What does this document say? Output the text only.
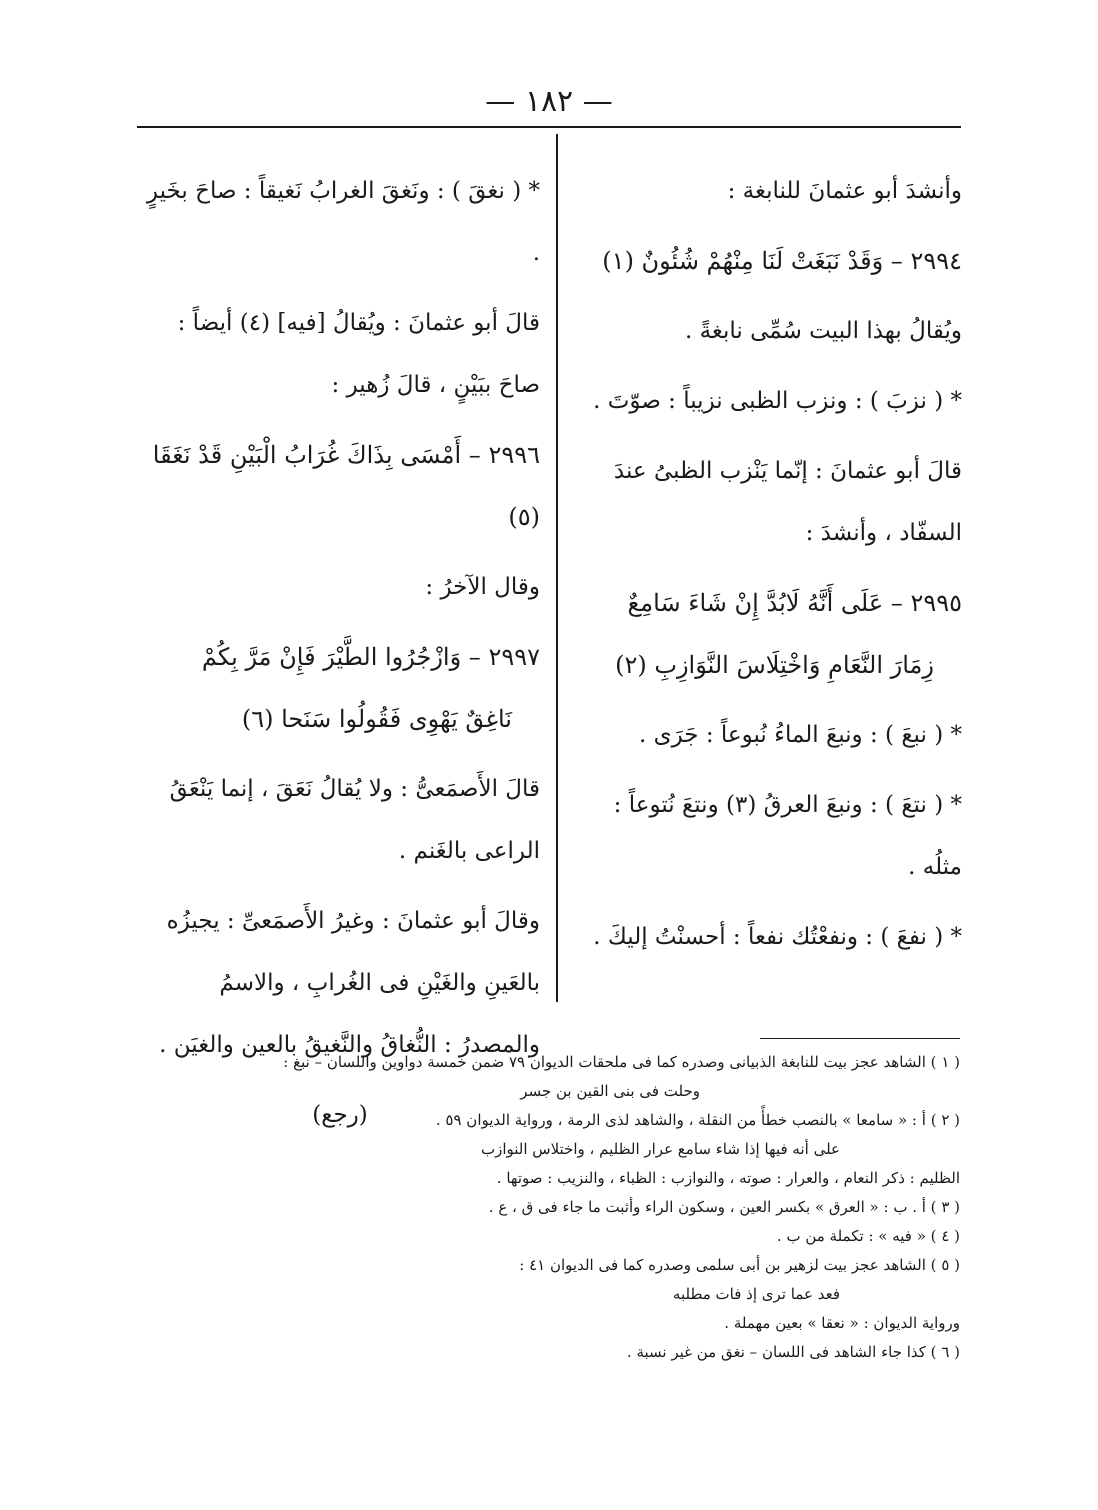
— ١٨٢ —

وأنشدَ أبو عثمانَ للنابغة :

٢٩٩٤ – وَقَدْ نَبَغَتْ لَنَا مِنْهُمْ شُئُونٌ (١)

ويُقالُ بهذا البيت سُمِّى نابغةً .

* ( نزبَ ) : ونزب الظبى نزيباً : صوّتَ .

قالَ أبو عثمانَ : إنّما يَنْزب الظبىُ عندَ السفّاد ، وأنشدَ :

٢٩٩٥ – عَلَى أَنَّهُ لَابُدَّ إِنْ شَاءَ سَامِعٌ

زِمَارَ النَّعَامِ وَاخْتِلَاسَ النَّوَازِبِ (٢)

* ( نبعَ ) : ونبعَ الماءُ نُبوعاً : جَرَى .

* ( نتعَ ) : ونبعَ العرقُ (٣) ونتعَ نُتوعاً : مثلُه .

* ( نفعَ ) : ونفعْتُك نفعاً : أحسنْتُ إليكَ .

* ( نغقَ ) : ونَغقَ الغرابُ نَغيقاً : صاحَ بخَيرٍ .

قالَ أبو عثمانَ : ويُقالُ [فيه] (٤) أيضاً : صاحَ ببَيْنٍ ، قالَ زُهير :

٢٩٩٦ – أَمْسَى بِذَاكَ غُرَابُ الْبَيْنِ قَدْ نَغَقَا (٥)

وقال الآخرُ :

٢٩٩٧ – وَازْجُرُوا الطَّيْرَ فَإِنْ مَرَّ بِكُمْ

نَاغِقٌ يَهْوِى فَقُولُوا سَنَحا (٦)

قالَ الأَصمَعىُّ : ولا يُقالُ نَعَقَ ، إنما يَنْعَقُ الراعى بالغَنم .

وقالَ أبو عثمانَ : وغيرُ الأَصمَعىِّ : يجيزُه بالعَينِ والغَيْنِ فى الغُرابِ ، والاسمُ والمصدرُ : النُّغاقُ والنَّغيقُ بالعين والغيَن .

(رجع)

( ١ ) الشاهد عجز بيت للنابغة الذبيانى وصدره كما فى ملحقات الديوان ٧٩ ضمن خمسة دواوين واللسان – نبغ :

وحلت فى بنى القين بن جسر

( ٢ ) أ : « سامعا » بالنصب خطأً من النقلة ، والشاهد لذى الرمة ، ورواية الديوان ٥٩ .

على أنه فيها إذا شاء سامع عرار الظليم ، واختلاس النوازب

الظليم : ذكر النعام ، والعرار : صوته ، والنوازب : الظباء ، والنزيب : صوتها .

( ٣ ) أ . ب : « العرق » بكسر العين ، وسكون الراء وأثبت ما جاء فى ق ، ع .

( ٤ ) « فيه » : تكملة من ب .

( ٥ ) الشاهد عجز بيت لزهير بن أبى سلمى وصدره كما فى الديوان ٤١ :

فعد عما ترى إذ فات مطلبه

ورواية الديوان : « نعقا » بعين مهملة .

( ٦ ) كذا جاء الشاهد فى اللسان – نغق من غير نسبة .
